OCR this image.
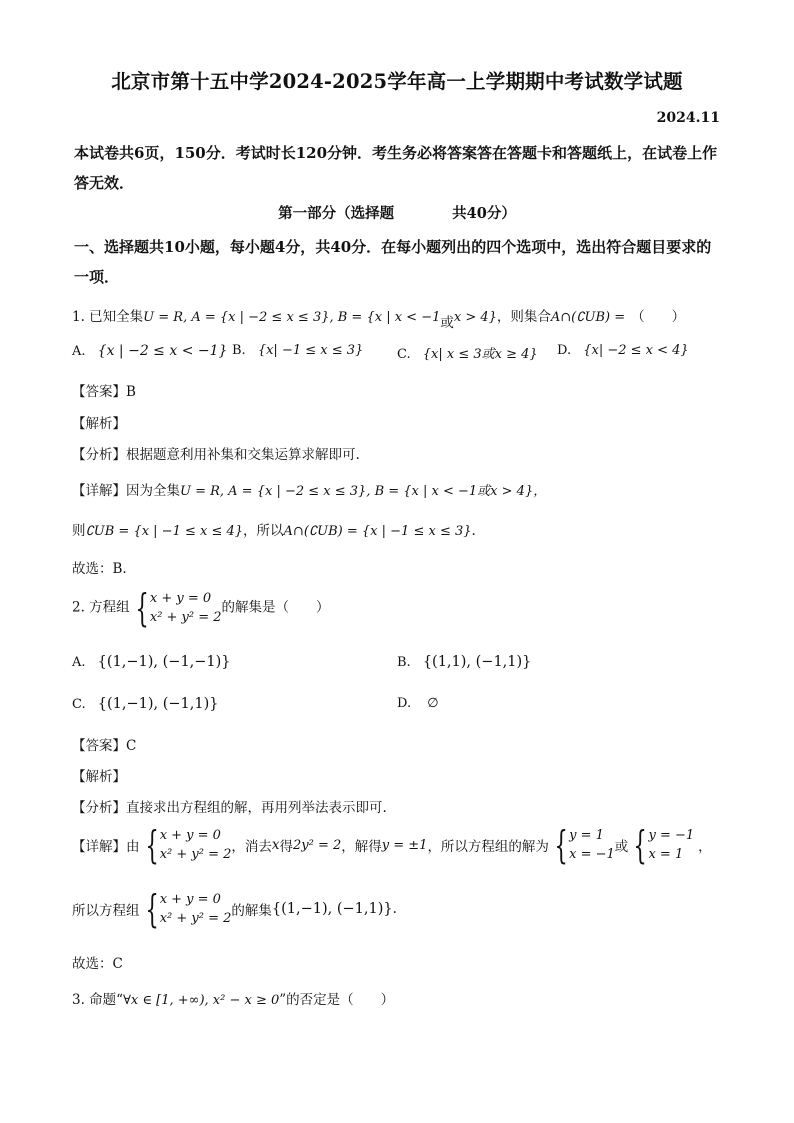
北京市第十五中学2024-2025学年高一上学期期中考试数学试题
2024.11
本试卷共6页，150分．考试时长120分钟．考生务必将答案答在答题卡和答题纸上，在试卷上作答无效．
第一部分（选择题　　　　共40分）
一、选择题共10小题，每小题4分，共40分．在每小题列出的四个选项中，选出符合题目要求的一项．
1. 已知全集U = R, A = {x | −2 ≤ x ≤ 3}, B = {x | x < −1或x > 4}，则集合A∩(∁UB) = （　　）
A. {x | −2 ≤ x < −1} B. {x| −1 ≤ x ≤ 3}	C. {x| x ≤ 3或x ≥ 4} D. {x| −2 ≤ x < 4}
【答案】B
【解析】
【分析】根据题意利用补集和交集运算求解即可.
【详解】因为全集U = R, A = {x | −2 ≤ x ≤ 3}, B = {x | x < −1或x > 4}，
则∁UB = {x | −1 ≤ x ≤ 4}，所以A∩(∁UB) = {x | −1 ≤ x ≤ 3}.
故选：B.
2. 方程组 { x + y = 0
x² + y² = 2
的解集是（　　）
A. {(1,−1), (−1,−1)}	B. {(1,1), (−1,1)}
C. {(1,−1), (−1,1)}	D. ∅
【答案】C
【解析】
【分析】直接求出方程组的解，再用列举法表示即可.
【详解】 由 { x + y = 0
x² + y² = 2 ，消去 x 得 2y² = 2 ，解得 y = ±1 ，所以方程组的解为 { y = 1
x = −1 或 { y = −1
x = 1	，
所以方程组 { x + y = 0
x² + y² = 2 的解集 {(1,−1), (−1,1)} .
故选：C
3. 命题“∀x ∈ [1, +∞), x² − x ≥ 0”的否定是（　　）
